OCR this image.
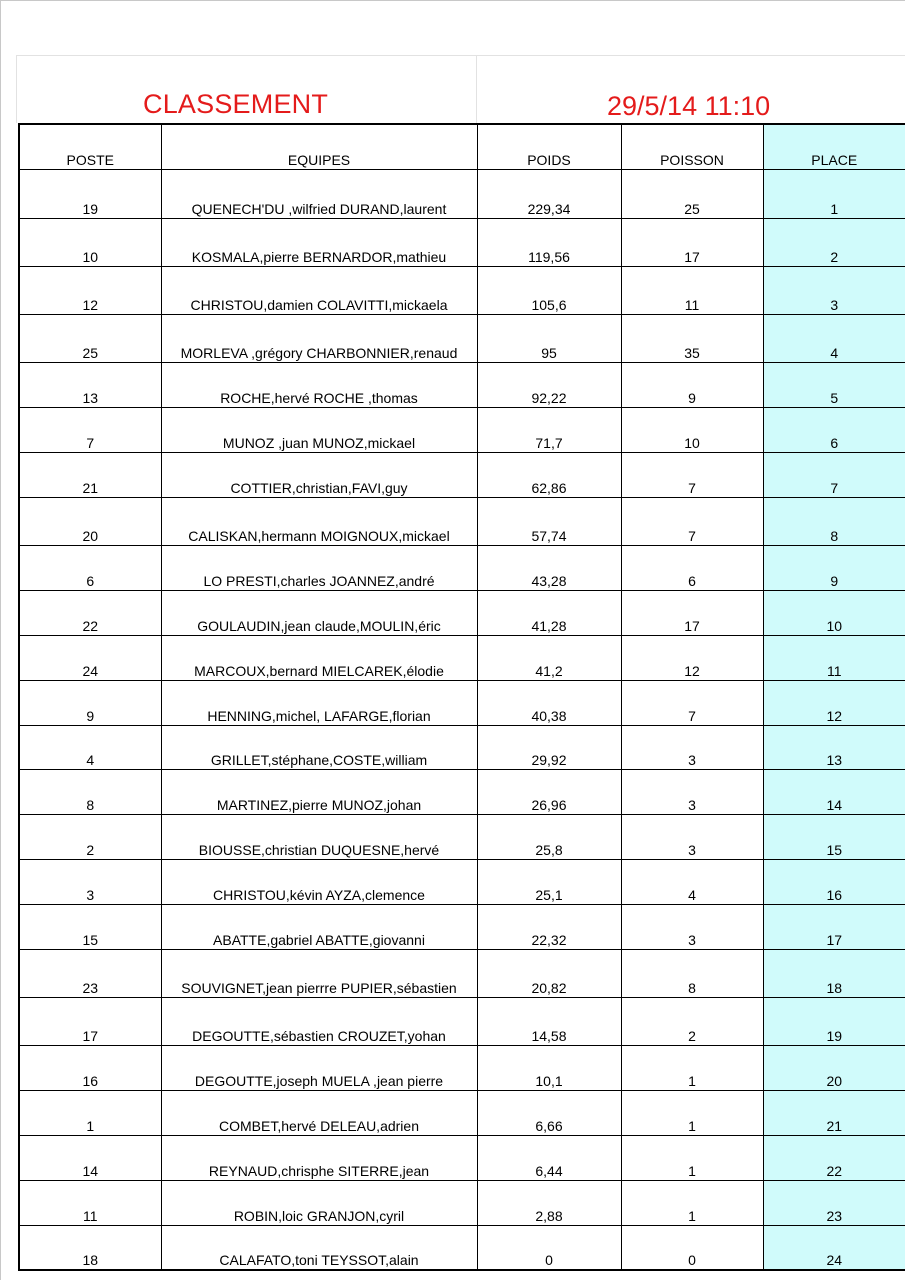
CLASSEMENT	29/5/14 11:10
POSTE	EQUIPES	POIDS	POISSON	PLACE
19	QUENECH'DU ,wilfried DURAND,laurent	229,34	25	1
10	KOSMALA,pierre BERNARDOR,mathieu	119,56	17	2
12	CHRISTOU,damien COLAVITTI,mickaela	105,6	11	3
25	MORLEVA ,grégory CHARBONNIER,renaud	95	35	4
13	ROCHE,hervé ROCHE ,thomas	92,22	9	5
7	MUNOZ ,juan MUNOZ,mickael	71,7	10	6
21	COTTIER,christian,FAVI,guy	62,86	7	7
20	CALISKAN,hermann MOIGNOUX,mickael	57,74	7	8
6	LO PRESTI,charles JOANNEZ,andré	43,28	6	9
22	GOULAUDIN,jean claude,MOULIN,éric	41,28	17	10
24	MARCOUX,bernard MIELCAREK,élodie	41,2	12	11
9	HENNING,michel, LAFARGE,florian	40,38	7	12
4	GRILLET,stéphane,COSTE,william	29,92	3	13
8	MARTINEZ,pierre MUNOZ,johan	26,96	3	14
2	BIOUSSE,christian DUQUESNE,hervé	25,8	3	15
3	CHRISTOU,kévin AYZA,clemence	25,1	4	16
15	ABATTE,gabriel ABATTE,giovanni	22,32	3	17
23	SOUVIGNET,jean pierrre PUPIER,sébastien	20,82	8	18
17	DEGOUTTE,sébastien CROUZET,yohan	14,58	2	19
16	DEGOUTTE,joseph MUELA ,jean pierre	10,1	1	20
1	COMBET,hervé DELEAU,adrien	6,66	1	21
14	REYNAUD,chrisphe SITERRE,jean	6,44	1	22
11	ROBIN,loic GRANJON,cyril	2,88	1	23
18	CALAFATO,toni TEYSSOT,alain	0	0	24
